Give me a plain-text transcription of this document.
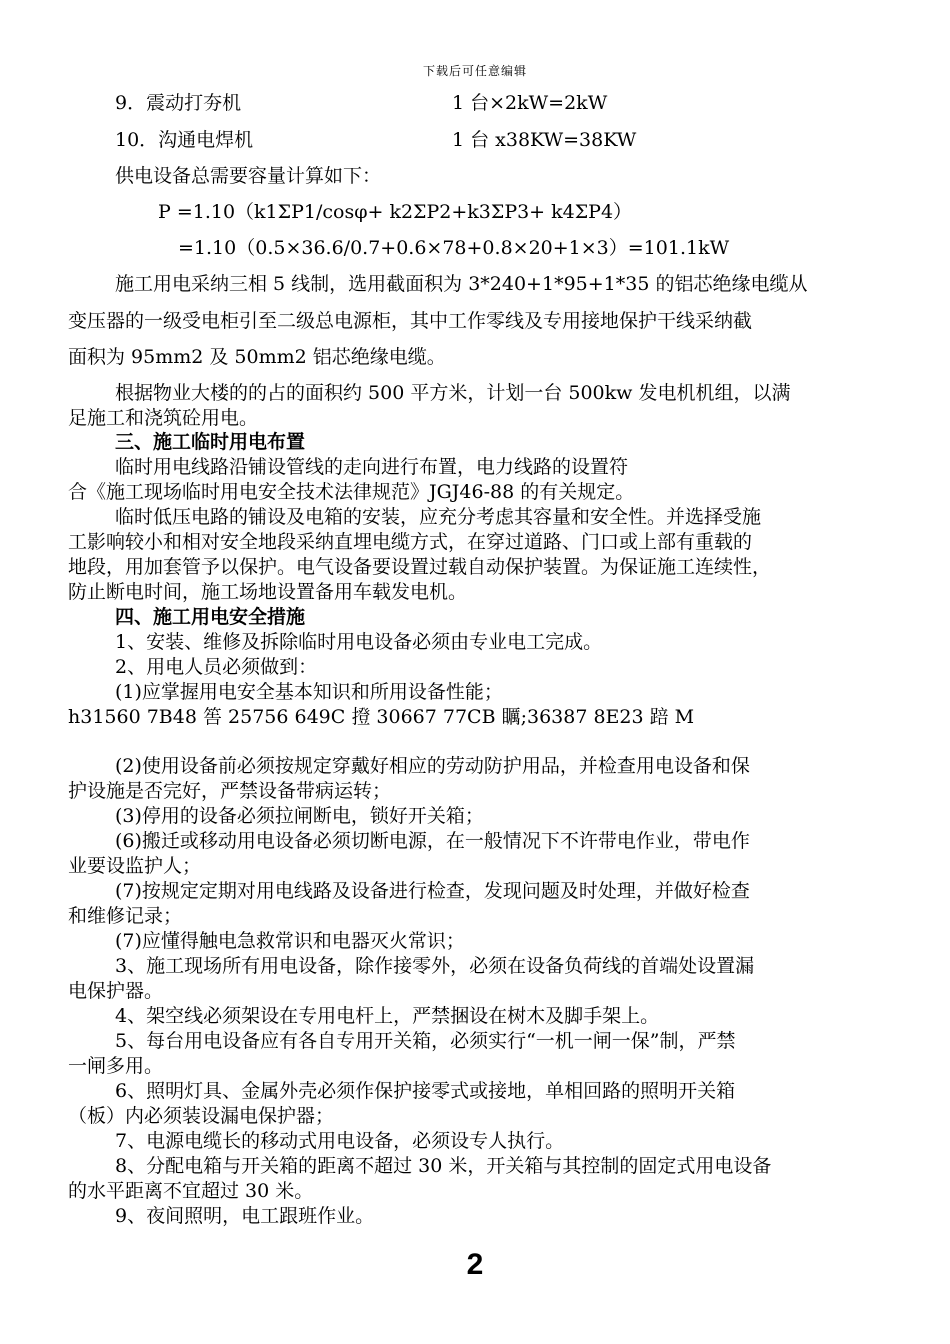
下载后可任意编辑
9．震动打夯机	1 台×2kW=2kW
10．沟通电焊机	1 台 x38KW=38KW
供电设备总需要容量计算如下：
P =1.10（k1ΣP1/cosφ+ k2ΣP2+k3ΣP3+ k4ΣP4）
=1.10（0.5×36.6/0.7+0.6×78+0.8×20+1×3）=101.1kW
施工用电采纳三相 5 线制，选用截面积为 3*240+1*95+1*35 的铝芯绝缘电缆从
变压器的一级受电柜引至二级总电源柜，其中工作零线及专用接地保护干线采纳截
面积为 95mm2 及 50mm2 铝芯绝缘电缆。
根据物业大楼的的占的面积约 500 平方米，计划一台 500kw 发电机机组，以满
足施工和浇筑砼用电。
三、施工临时用电布置
临时用电线路沿铺设管线的走向进行布置，电力线路的设置符
合《施工现场临时用电安全技术法律规范》JGJ46-88 的有关规定。
临时低压电路的铺设及电箱的安装，应充分考虑其容量和安全性。并选择受施
工影响较小和相对安全地段采纳直埋电缆方式，在穿过道路、门口或上部有重载的
地段，用加套管予以保护。电气设备要设置过载自动保护装置。为保证施工连续性，
防止断电时间，施工场地设置备用车载发电机。
四、施工用电安全措施
1、安装、维修及拆除临时用电设备必须由专业电工完成。
2、用电人员必须做到：
(1)应掌握用电安全基本知识和所用设备性能；
h31560 7B48 筶 25756 649C 撜 30667 77CB 矋;36387 8E23 踣 M
(2)使用设备前必须按规定穿戴好相应的劳动防护用品，并检查用电设备和保
护设施是否完好，严禁设备带病运转；
(3)停用的设备必须拉闸断电，锁好开关箱；
(6)搬迁或移动用电设备必须切断电源，在一般情况下不许带电作业，带电作
业要设监护人；
(7)按规定定期对用电线路及设备进行检查，发现问题及时处理，并做好检查
和维修记录；
(7)应懂得触电急救常识和电器灭火常识；
3、施工现场所有用电设备，除作接零外，必须在设备负荷线的首端处设置漏
电保护器。
4、架空线必须架设在专用电杆上，严禁捆设在树木及脚手架上。
5、每台用电设备应有各自专用开关箱，必须实行“一机一闸一保”制，严禁
一闸多用。
6、照明灯具、金属外壳必须作保护接零式或接地，单相回路的照明开关箱
（板）内必须装设漏电保护器；
7、电源电缆长的移动式用电设备，必须设专人执行。
8、分配电箱与开关箱的距离不超过 30 米，开关箱与其控制的固定式用电设备
的水平距离不宜超过 30 米。
9、夜间照明，电工跟班作业。
2
